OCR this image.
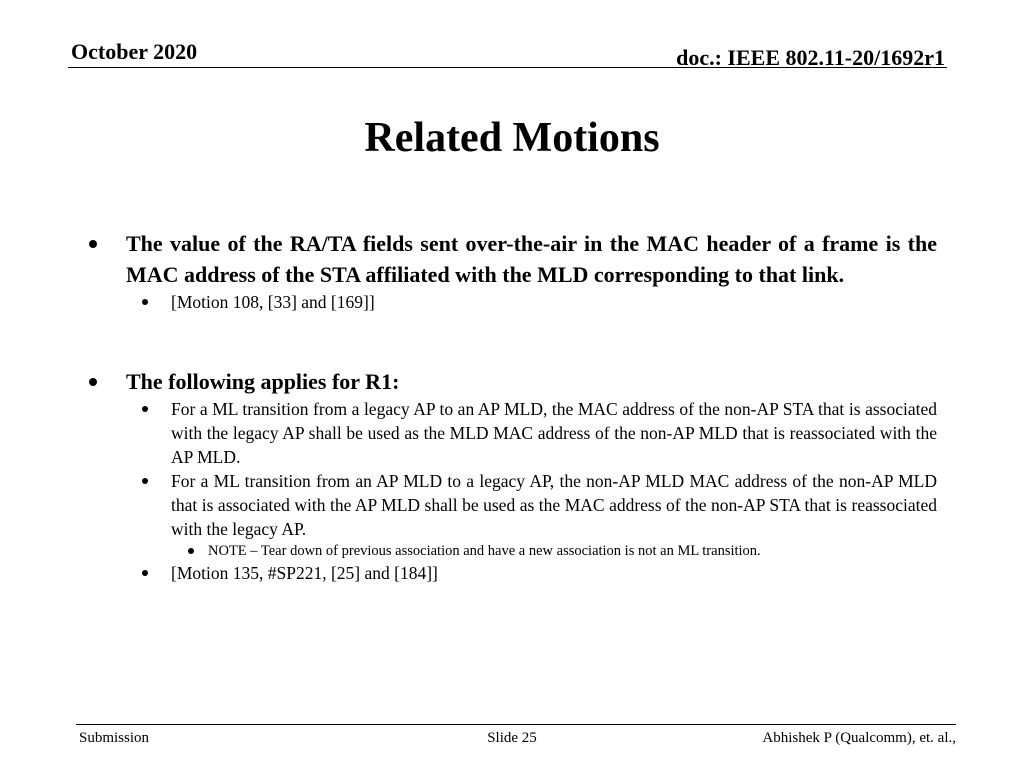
October 2020	doc.: IEEE 802.11-20/1692r1
Related Motions
The value of the RA/TA fields sent over-the-air in the MAC header of a frame is the MAC address of the STA affiliated with the MLD corresponding to that link.
[Motion 108, [33] and [169]]
The following applies for R1:
For a ML transition from a legacy AP to an AP MLD, the MAC address of the non-AP STA that is associated with the legacy AP shall be used as the MLD MAC address of the non-AP MLD that is reassociated with the AP MLD.
For a ML transition from an AP MLD to a legacy AP, the non-AP MLD MAC address of the non-AP MLD that is associated with the AP MLD shall be used as the MAC address of the non-AP STA that is reassociated with the legacy AP.
NOTE – Tear down of previous association and have a new association is not an ML transition.
[Motion 135, #SP221, [25] and [184]]
Submission	Slide 25	Abhishek P (Qualcomm), et. al.,
